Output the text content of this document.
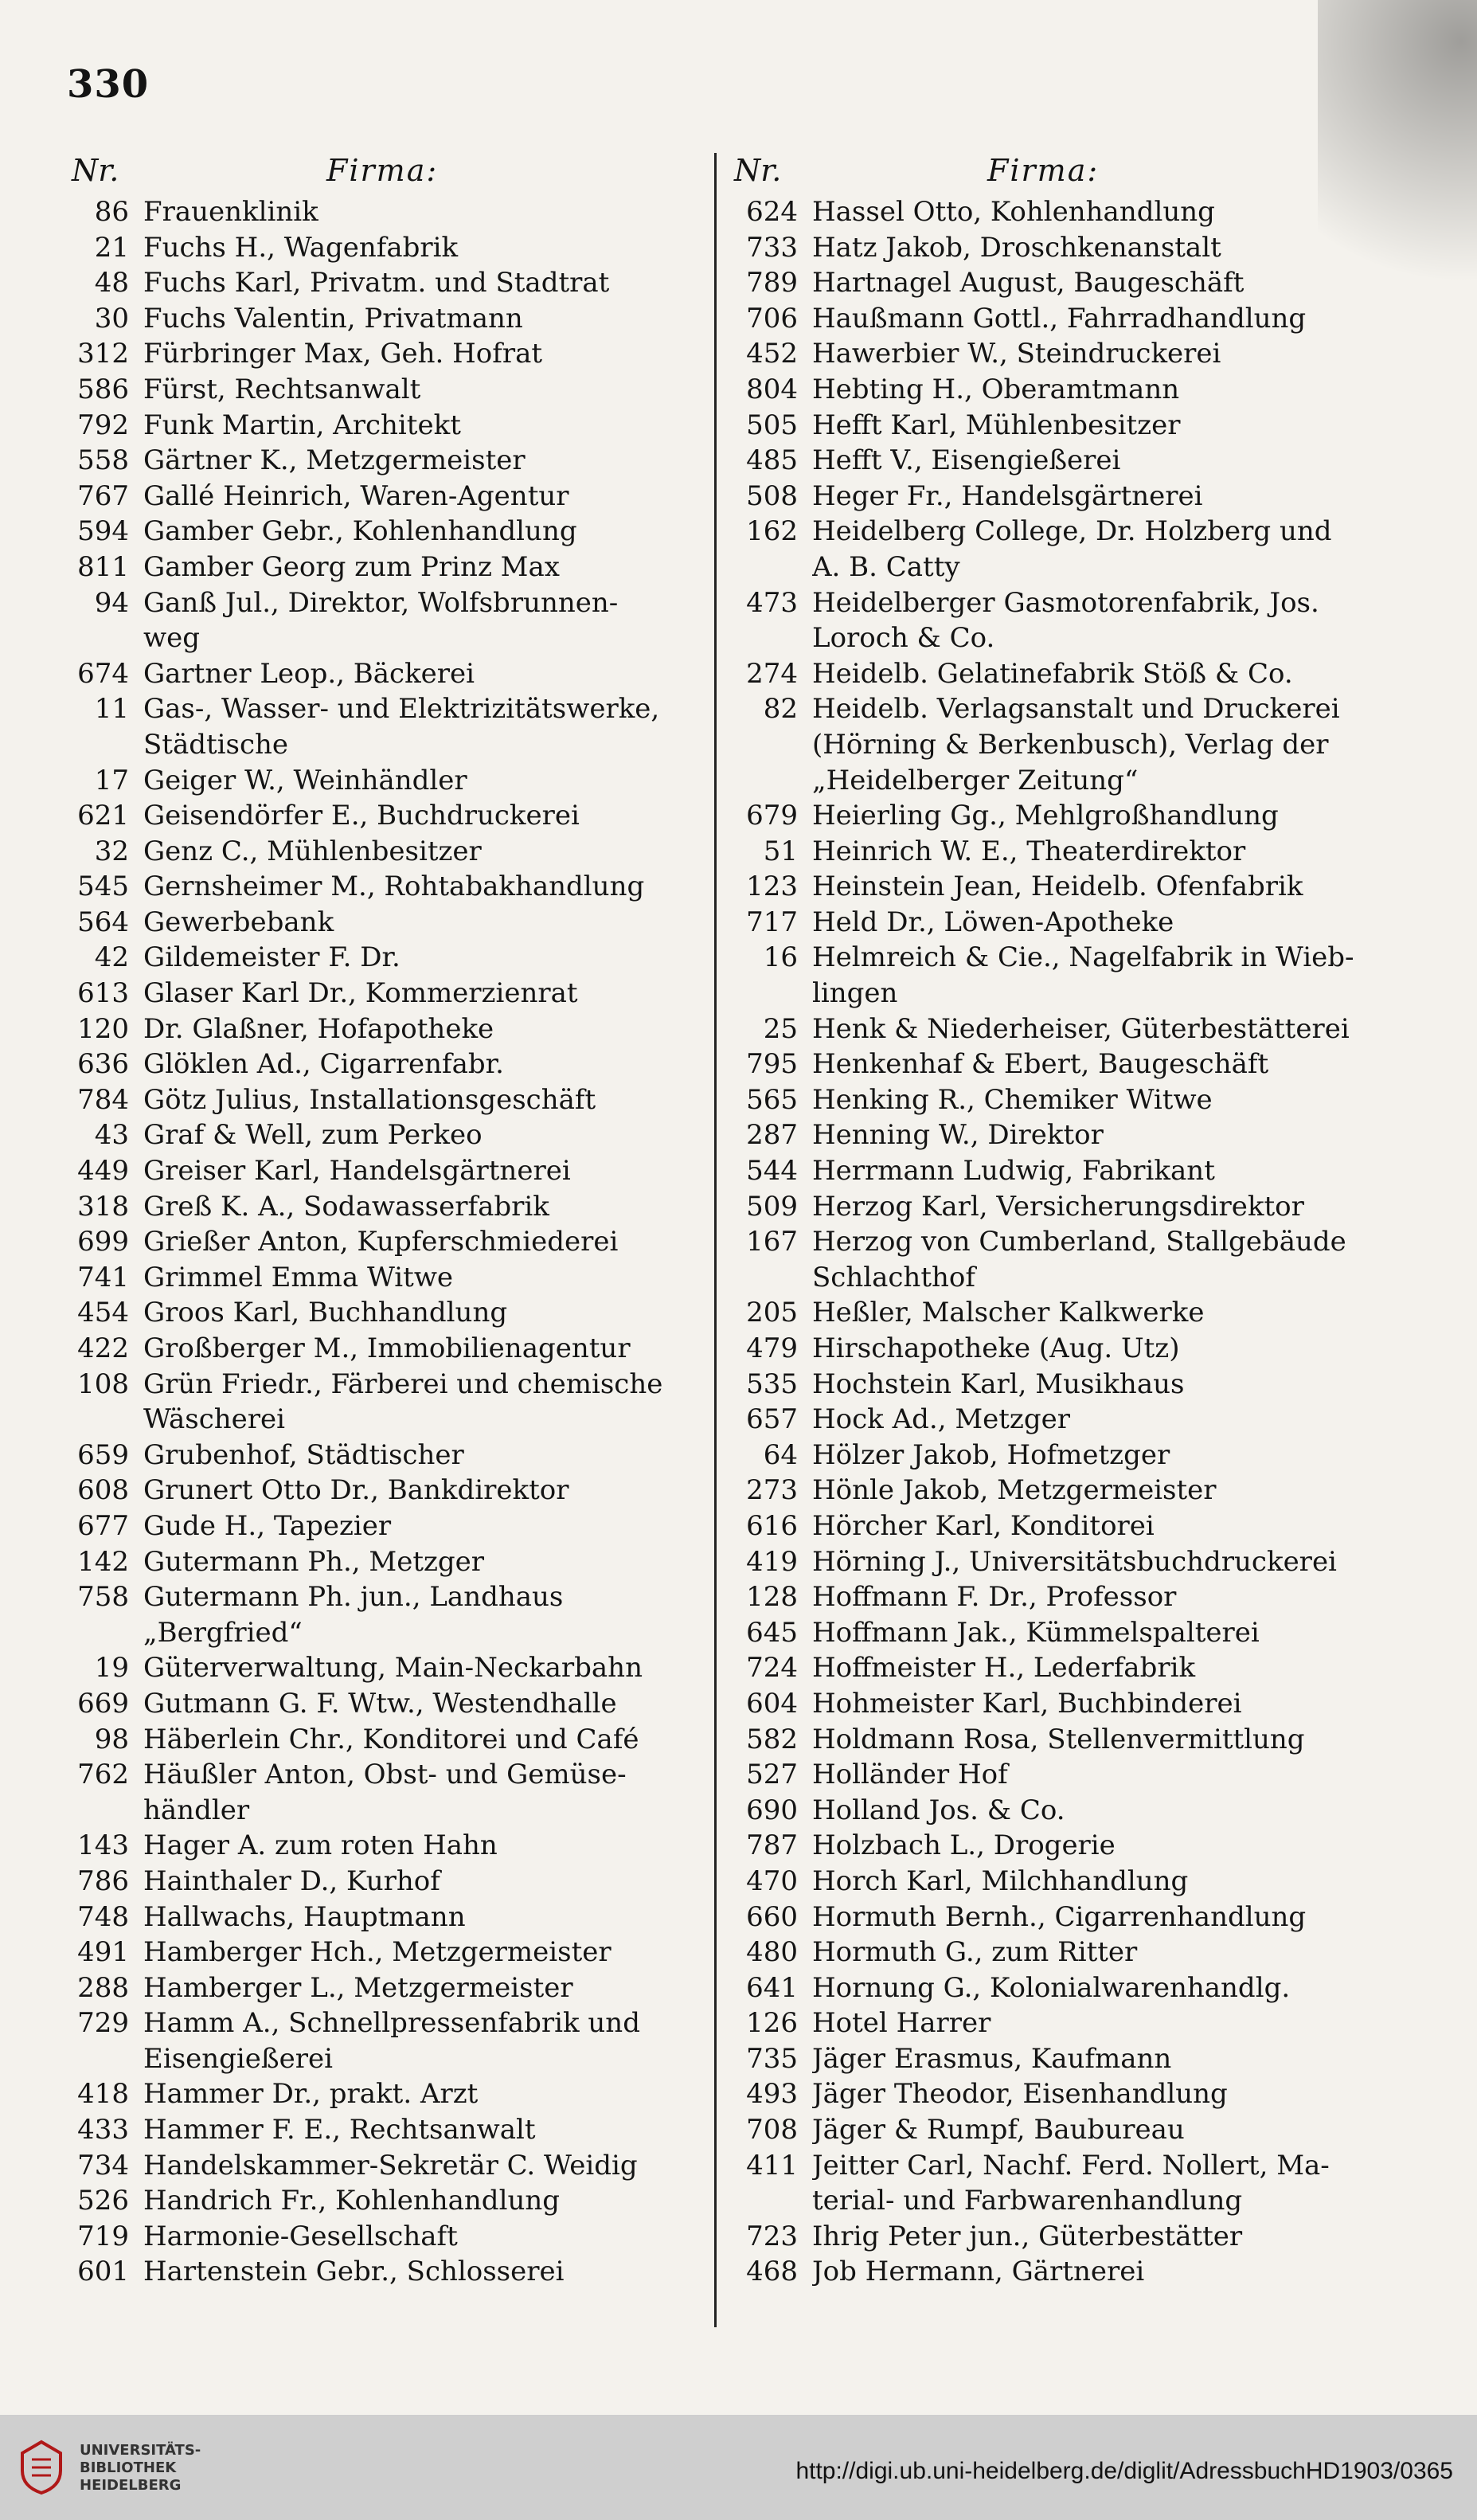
330
Nr.	Firma:
86 Frauenklinik
21 Fuchs H., Wagenfabrik
48 Fuchs Karl, Privatm. und Stadtrat
30 Fuchs Valentin, Privatmann
312 Fürbringer Max, Geh. Hofrat
586 Fürst, Rechtsanwalt
792 Funk Martin, Architekt
558 Gärtner K., Metzgermeister
767 Gallé Heinrich, Waren-Agentur
594 Gamber Gebr., Kohlenhandlung
811 Gamber Georg zum Prinz Max
94 Ganß Jul., Direktor, Wolfsbrunnen-
weg
674 Gartner Leop., Bäckerei
11 Gas-, Wasser- und Elektrizitätswerke,
Städtische
17 Geiger W., Weinhändler
621 Geisendörfer E., Buchdruckerei
32 Genz C., Mühlenbesitzer
545 Gernsheimer M., Rohtabakhandlung
564 Gewerbebank
42 Gildemeister F. Dr.
613 Glaser Karl Dr., Kommerzienrat
120 Dr. Glaßner, Hofapotheke
636 Glöklen Ad., Cigarrenfabr.
784 Götz Julius, Installationsgeschäft
43 Graf & Well, zum Perkeo
449 Greiser Karl, Handelsgärtnerei
318 Greß K. A., Sodawasserfabrik
699 Grießer Anton, Kupferschmiederei
741 Grimmel Emma Witwe
454 Groos Karl, Buchhandlung
422 Großberger M., Immobilienagentur
108 Grün Friedr., Färberei und chemische
Wäscherei
659 Grubenhof, Städtischer
608 Grunert Otto Dr., Bankdirektor
677 Gude H., Tapezier
142 Gutermann Ph., Metzger
758 Gutermann Ph. jun., Landhaus
„Bergfried“
19 Güterverwaltung, Main-Neckarbahn
669 Gutmann G. F. Wtw., Westendhalle
98 Häberlein Chr., Konditorei und Café
762 Häußler Anton, Obst- und Gemüse-
händler
143 Hager A. zum roten Hahn
786 Hainthaler D., Kurhof
748 Hallwachs, Hauptmann
491 Hamberger Hch., Metzgermeister
288 Hamberger L., Metzgermeister
729 Hamm A., Schnellpressenfabrik und
Eisengießerei
418 Hammer Dr., prakt. Arzt
433 Hammer F. E., Rechtsanwalt
734 Handelskammer-Sekretär C. Weidig
526 Handrich Fr., Kohlenhandlung
719 Harmonie-Gesellschaft
601 Hartenstein Gebr., Schlosserei
Nr.	Firma:
624 Hassel Otto, Kohlenhandlung
733 Hatz Jakob, Droschkenanstalt
789 Hartnagel August, Baugeschäft
706 Haußmann Gottl., Fahrradhandlung
452 Hawerbier W., Steindruckerei
804 Hebting H., Oberamtmann
505 Hefft Karl, Mühlenbesitzer
485 Hefft V., Eisengießerei
508 Heger Fr., Handelsgärtnerei
162 Heidelberg College, Dr. Holzberg und
A. B. Catty
473 Heidelberger Gasmotorenfabrik, Jos.
Loroch & Co.
274 Heidelb. Gelatinefabrik Stöß & Co.
82 Heidelb. Verlagsanstalt und Druckerei
(Hörning & Berkenbusch), Verlag der
„Heidelberger Zeitung“
679 Heierling Gg., Mehlgroßhandlung
51 Heinrich W. E., Theaterdirektor
123 Heinstein Jean, Heidelb. Ofenfabrik
717 Held Dr., Löwen-Apotheke
16 Helmreich & Cie., Nagelfabrik in Wieb-
lingen
25 Henk & Niederheiser, Güterbestätterei
795 Henkenhaf & Ebert, Baugeschäft
565 Henking R., Chemiker Witwe
287 Henning W., Direktor
544 Herrmann Ludwig, Fabrikant
509 Herzog Karl, Versicherungsdirektor
167 Herzog von Cumberland, Stallgebäude
Schlachthof
205 Heßler, Malscher Kalkwerke
479 Hirschapotheke (Aug. Utz)
535 Hochstein Karl, Musikhaus
657 Hock Ad., Metzger
64 Hölzer Jakob, Hofmetzger
273 Hönle Jakob, Metzgermeister
616 Hörcher Karl, Konditorei
419 Hörning J., Universitätsbuchdruckerei
128 Hoffmann F. Dr., Professor
645 Hoffmann Jak., Kümmelspalterei
724 Hoffmeister H., Lederfabrik
604 Hohmeister Karl, Buchbinderei
582 Holdmann Rosa, Stellenvermittlung
527 Holländer Hof
690 Holland Jos. & Co.
787 Holzbach L., Drogerie
470 Horch Karl, Milchhandlung
660 Hormuth Bernh., Cigarrenhandlung
480 Hormuth G., zum Ritter
641 Hornung G., Kolonialwarenhandlg.
126 Hotel Harrer
735 Jäger Erasmus, Kaufmann
493 Jäger Theodor, Eisenhandlung
708 Jäger & Rumpf, Baubureau
411 Jeitter Carl, Nachf. Ferd. Nollert, Ma-
terial- und Farbwarenhandlung
723 Ihrig Peter jun., Güterbestätter
468 Job Hermann, Gärtnerei
UNIVERSITÄTS-
BIBLIOTHEK
HEIDELBERG
http://digi.ub.uni-heidelberg.de/diglit/AdressbuchHD1903/0365
